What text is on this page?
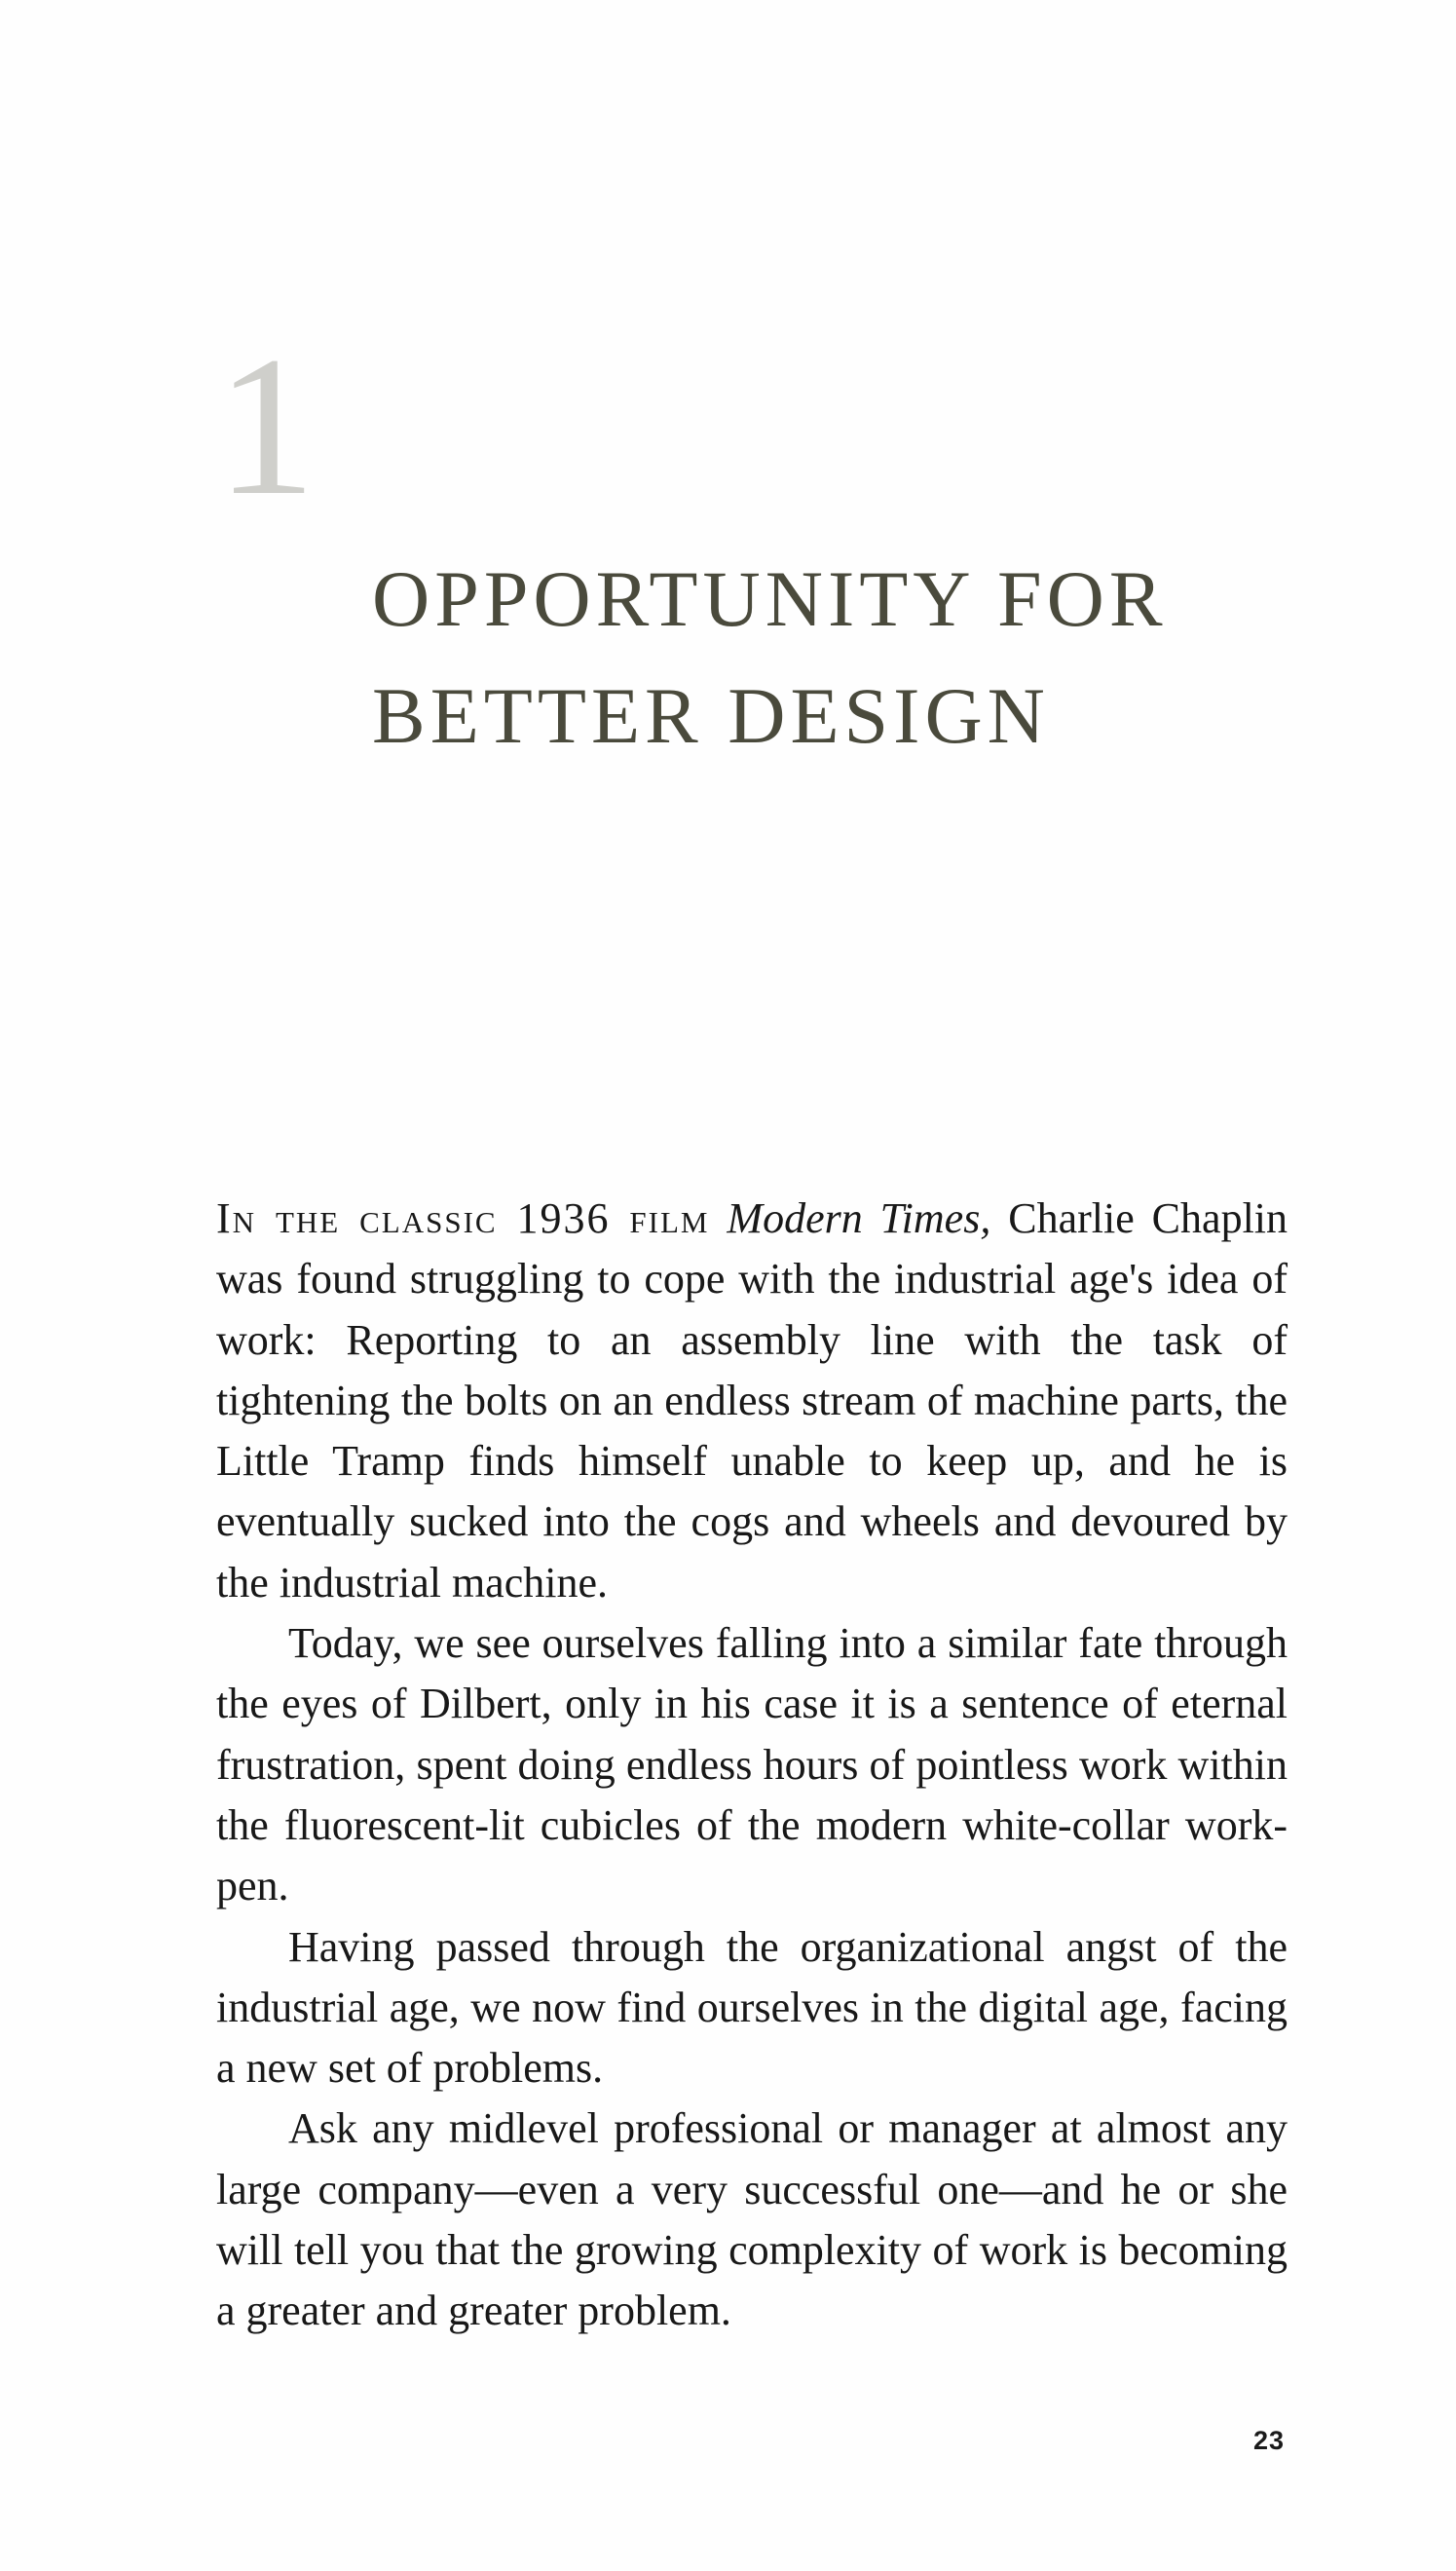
1
OPPORTUNITY FOR
BETTER DESIGN

In the classic 1936 film Modern Times, Charlie Chaplin was found struggling to cope with the industrial age's idea of work: Reporting to an assembly line with the task of tightening the bolts on an endless stream of machine parts, the Little Tramp finds himself unable to keep up, and he is eventually sucked into the cogs and wheels and devoured by the industrial machine.

Today, we see ourselves falling into a similar fate through the eyes of Dilbert, only in his case it is a sentence of eternal frustration, spent doing endless hours of pointless work within the fluorescent-lit cubicles of the modern white-collar work-pen.

Having passed through the organizational angst of the industrial age, we now find ourselves in the digital age, facing a new set of problems.

Ask any midlevel professional or manager at almost any large company—even a very successful one—and he or she will tell you that the growing complexity of work is becoming a greater and greater problem.

23
